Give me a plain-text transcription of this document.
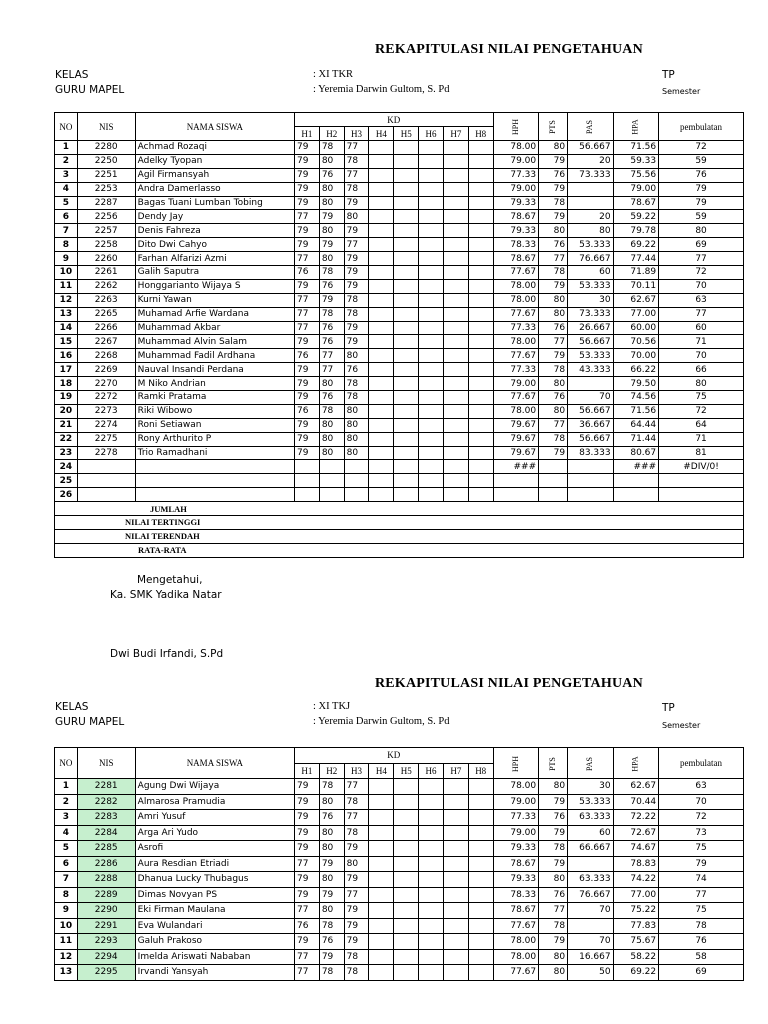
REKAPITULASI NILAI PENGETAHUAN
KELAS	: XI TKR	TP
GURU MAPEL	: Yeremia Darwin Gultom, S. Pd	Semester
NO	NIS	NAMA SISWA	KD								HPH	PTS	PAS	HPA	pembulatan
			H1	H2	H3	H4	H5	H6	H7	H8					
1	2280	Achmad Rozaqi	79	78	77						78.00	80	56.667	71.56	72
2	2250	Adelky Tyopan	79	80	78						79.00	79	20	59.33	59
3	2251	Agil Firmansyah	79	76	77						77.33	76	73.333	75.56	76
4	2253	Andra Damerlasso	79	80	78						79.00	79		79.00	79
5	2287	Bagas Tuani Lumban Tobing	79	80	79						79.33	78		78.67	79
6	2256	Dendy Jay	77	79	80						78.67	79	20	59.22	59
7	2257	Denis Fahreza	79	80	79						79.33	80	80	79.78	80
8	2258	Dito Dwi Cahyo	79	79	77						78.33	76	53.333	69.22	69
9	2260	Farhan Alfarizi Azmi	77	80	79						78.67	77	76.667	77.44	77
10	2261	Galih Saputra	76	78	79						77.67	78	60	71.89	72
11	2262	Honggarianto Wijaya S	79	76	79						78.00	79	53.333	70.11	70
12	2263	Kurni Yawan	77	79	78						78.00	80	30	62.67	63
13	2265	Muhamad Arfie Wardana	77	78	78						77.67	80	73.333	77.00	77
14	2266	Muhammad Akbar	77	76	79						77.33	76	26.667	60.00	60
15	2267	Muhammad Alvin Salam	79	76	79						78.00	77	56.667	70.56	71
16	2268	Muhammad Fadil Ardhana	76	77	80						77.67	79	53.333	70.00	70
17	2269	Nauval Insandi Perdana	79	77	76						77.33	78	43.333	66.22	66
18	2270	M Niko Andrian	79	80	78						79.00	80		79.50	80
19	2272	Ramki Pratama	79	76	78						77.67	76	70	74.56	75
20	2273	Riki Wibowo	76	78	80						78.00	80	56.667	71.56	72
21	2274	Roni Setiawan	79	80	80						79.67	77	36.667	64.44	64
22	2275	Rony Arthurito P	79	80	80						79.67	78	56.667	71.44	71
23	2278	Trio Ramadhani	79	80	80						79.67	79	83.333	80.67	81
24											###			###	#DIV/0!
25															
26															
JUMLAH															
NILAI TERTINGGI															
NILAI TERENDAH															
RATA-RATA															
Mengetahui,
Ka. SMK Yadika Natar
Dwi Budi Irfandi, S.Pd
REKAPITULASI NILAI PENGETAHUAN
KELAS	: XI TKJ	TP
GURU MAPEL	: Yeremia Darwin Gultom, S. Pd	Semester
NO	NIS	NAMA SISWA	KD								HPH	PTS	PAS	HPA	pembulatan
			H1	H2	H3	H4	H5	H6	H7	H8					
1	2281	Agung Dwi Wijaya	79	78	77						78.00	80	30	62.67	63
2	2282	Almarosa Pramudia	79	80	78						79.00	79	53.333	70.44	70
3	2283	Amri Yusuf	79	76	77						77.33	76	63.333	72.22	72
4	2284	Arga Ari Yudo	79	80	78						79.00	79	60	72.67	73
5	2285	Asrofi	79	80	79						79.33	78	66.667	74.67	75
6	2286	Aura Resdian Etriadi	77	79	80						78.67	79		78.83	79
7	2288	Dhanua Lucky Thubagus	79	80	79						79.33	80	63.333	74.22	74
8	2289	Dimas Novyan PS	79	79	77						78.33	76	76.667	77.00	77
9	2290	Eki Firman Maulana	77	80	79						78.67	77	70	75.22	75
10	2291	Eva Wulandari	76	78	79						77.67	78		77.83	78
11	2293	Galuh Prakoso	79	76	79						78.00	79	70	75.67	76
12	2294	Imelda Ariswati Nababan	77	79	78						78.00	80	16.667	58.22	58
13	2295	Irvandi Yansyah	77	78	78						77.67	80	50	69.22	69
